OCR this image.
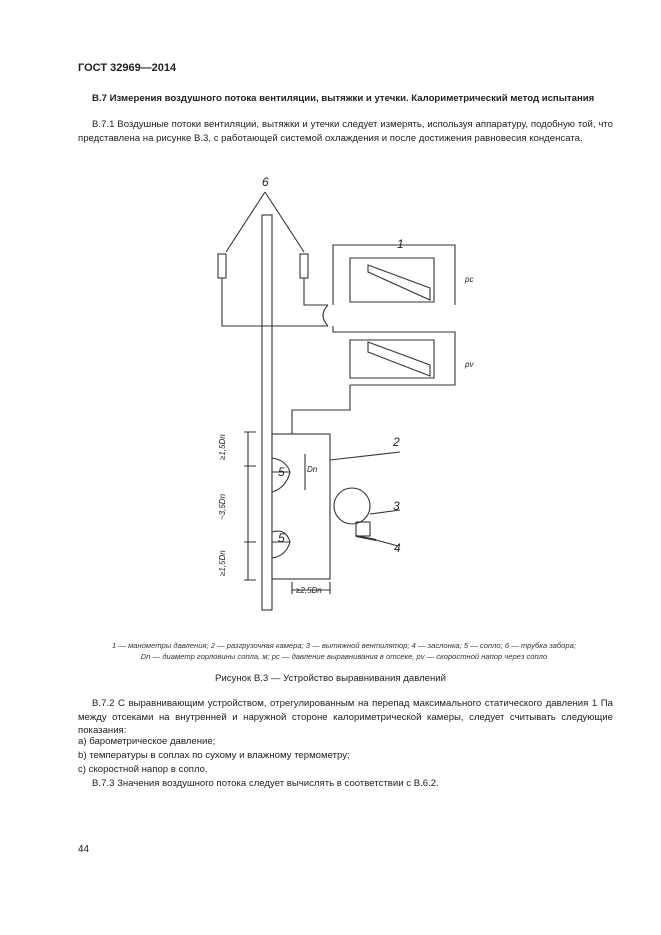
ГОСТ 32969—2014
В.7 Измерения воздушного потока вентиляции, вытяжки и утечки. Калориметрический метод испытания
В.7.1 Воздушные потоки вентиляции, вытяжки и утечки следует измерять, используя аппаратуру, подобную той, что представлена на рисунке В.3, с работающей системой охлаждения и после достижения равновесия конденсата.
6
1
2
3
4
5
5
pc
pv
≥2,5Dn
Dn
≥1,5Dn
~3,5Dn
≥1,5Dn
1 — манометры давления; 2 — разгрузочная камера; 3 — вытяжной вентилятор; 4 — заслонка; 5 — сопло; 6 — трубка забора;
Dn — диаметр горловины сопла, м; pc — давление выравнивания в отсеке, pv — скоростной напор через сопло
Рисунок В.3 — Устройство выравнивания давлений
В.7.2 С выравнивающим устройством, отрегулированным на перепад максимального статического давления 1 Па между отсеками на внутренней и наружной стороне калориметрической камеры, следует считывать следующие показания:
а) барометрическое давление;
b) температуры в соплах по сухому и влажному термометру;
с) скоростной напор в сопло.
В.7.3 Значения воздушного потока следует вычислять в соответствии с В.6.2.
44
